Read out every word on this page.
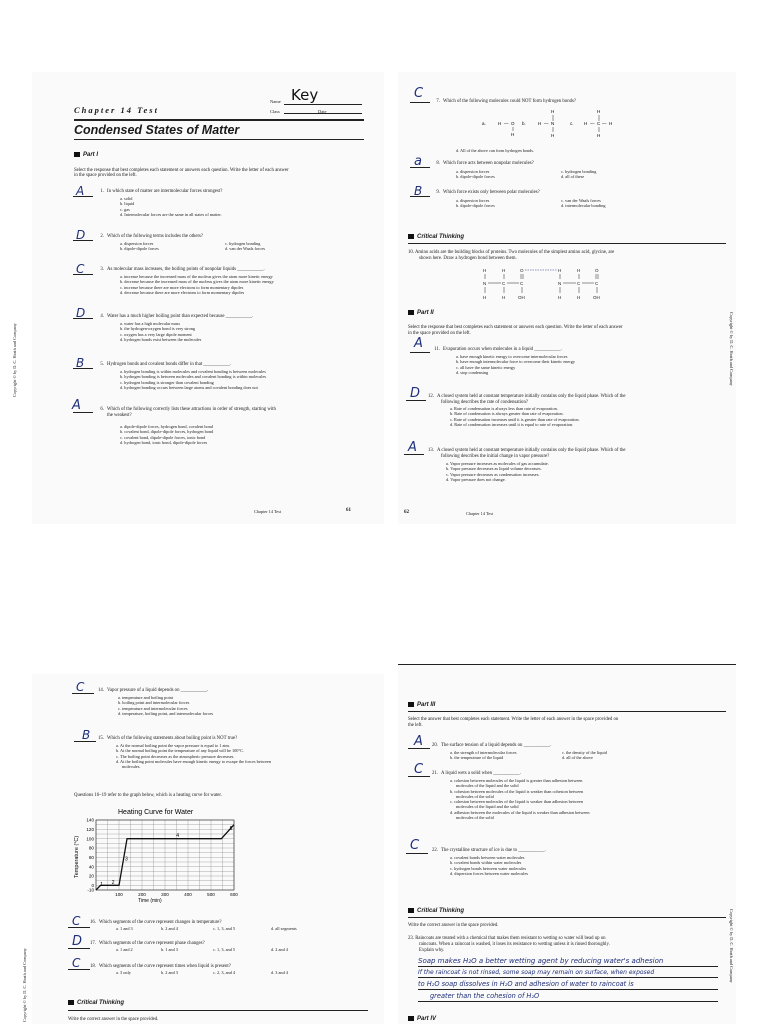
Chapter 14 Test
Name Key
Class	Date
Condensed States of Matter
Part I
Select the response that best completes each statement or answers each question. Write the letter of each answer
in the space provided on the left.
A	1. In which state of matter are intermolecular forces strongest?
a. solid
b. liquid
c. gas
d. Intermolecular forces are the same in all states of matter.
D	2. Which of the following terms includes the others?
a. dispersion forces	c. hydrogen bonding
b. dipole-dipole forces	d. van der Waals forces
C	3. As molecular mass increases, the boiling points of nonpolar liquids ___________.
a. increase because the increased mass of the nucleus gives the atom more kinetic energy
b. decrease because the increased mass of the nucleus gives the atom more kinetic energy
c. increase because there are more electrons to form momentary dipoles
d. decrease because there are more electrons to form momentary dipoles
D	4. Water has a much higher boiling point than expected because ___________.
a. water has a high molecular mass
b. the hydrogen-oxygen bond is very strong
c. oxygen has a very large dipole moment
d. hydrogen bonds exist between the molecules
B	5. Hydrogen bonds and covalent bonds differ in that ___________.
a. hydrogen bonding is within molecules and covalent bonding is between molecules
b. hydrogen bonding is between molecules and covalent bonding is within molecules
c. hydrogen bonding is stronger than covalent bonding
d. hydrogen bonding occurs between large atoms and covalent bonding does not
A	6. Which of the following correctly lists these attractions in order of strength, starting with
the weakest?
a. dipole-dipole forces, hydrogen bond, covalent bond
b. covalent bond, dipole-dipole forces, hydrogen bond
c. covalent bond, dipole-dipole forces, ionic bond
d. hydrogen bond, ionic bond, dipole-dipole forces
Copyright © by D. C. Heath and Company
Chapter 14 Test	61
C
7. Which of the following molecules could NOT form hydrogen bonds?
a.	H — O
H
b.	H — N
H
H
c. H — C — H
H
H
d. All of the above can form hydrogen bonds.
a	8. Which force acts between nonpolar molecules?
a. dispersion forces	c. hydrogen bonding
b. dipole-dipole forces	d. all of these
B	9. Which force exists only between polar molecules?
a. dispersion forces	c. van der Waals forces
b. dipole-dipole forces	d. intermolecular bonding
Critical Thinking
10. Amino acids are the building blocks of proteins. Two molecules of the simplest amino acid, glycine, are
shown here. Draw a hydrogen bond between them.
H	H	O
N	C	C
H	H	OH
H	H	O
N	C	C
H	H	OH
Part II
Select the response that best completes each statement or answers each question. Write the letter of each answer
in the space provided on the left.
A	11. Evaporation occurs when molecules in a liquid ___________.
a. have enough kinetic energy to overcome intermolecular forces
b. have enough intermolecular force to overcome their kinetic energy
c. all have the same kinetic energy
d. stop condensing
D	12. A closed system held at constant temperature initially contains only the liquid phase. Which of the
following describes the rate of condensation?
a. Rate of condensation is always less than rate of evaporation.
b. Rate of condensation is always greater than rate of evaporation.
c. Rate of condensation increases until it is greater than rate of evaporation.
d. Rate of condensation increases until it is equal to rate of evaporation.
A	13. A closed system held at constant temperature initially contains only the liquid phase. Which of the
following describes the initial change in vapor pressure?
a. Vapor pressure increases as molecules of gas accumulate.
b. Vapor pressure decreases as liquid volume decreases.
c. Vapor pressure decreases as condensation increases.
d. Vapor pressure does not change.
Copyright © by D. C. Heath and Company
62	Chapter 14 Test
C	14. Vapor pressure of a liquid depends on ___________.
a. temperature and boiling point
b. boiling point and intermolecular forces
c. temperature and intermolecular forces
d. temperature, boiling point, and intermolecular forces
B	15. Which of the following statements about boiling point is NOT true?
a. At the normal boiling point the vapor pressure is equal to 1 atm.
b. At the normal boiling point the temperature of any liquid will be 100°C.
c. The boiling point decreases as the atmospheric pressure decreases.
d. At the boiling point molecules have enough kinetic energy to escape the forces between
molecules.
Questions 16–19 refer to the graph below, which is a heating curve for water.
Heating Curve for Water
Temperature (°C)
Time (min)
-10
0
20
40
60
80
100
120
140
100	200	300	400	500	600
1 2
3
4
5
C	16. Which segments of the curve represent changes in temperature?
a. 1 and 3	b. 2 and 4	c. 1, 3, and 5	d. all segments
D	17. Which segments of the curve represent phase changes?
a. 1 and 2	b. 1 and 3	c. 1, 3, and 5	d. 2 and 4
C	18. Which segments of the curve represent times when liquid is present?
a. 3 only	b. 2 and 3	c. 2, 3, and 4	d. 3 and 4
Critical Thinking
Write the correct answer in the space provided.
Copyright © by D. C. Heath and Company
Part III
Select the answer that best completes each statement. Write the letter of each answer in the space provided on
the left.
A	20. The surface tension of a liquid depends on ___________.
a. the strength of intermolecular forces	c. the density of the liquid
b. the temperature of the liquid	d. all of the above
C	21. A liquid wets a solid when ___________.
a. cohesion between molecules of the liquid is greater than adhesion between
molecules of the liquid and the solid
b. cohesion between molecules of the liquid is weaker than cohesion between
molecules of the solid
c. cohesion between molecules of the liquid is weaker than adhesion between
molecules of the liquid and the solid
d. adhesion between the molecules of the liquid is weaker than adhesion between
molecules of the solid
C	22. The crystalline structure of ice is due to ___________.
a. covalent bonds between water molecules
b. covalent bonds within water molecules
c. hydrogen bonds between water molecules
d. dispersion forces between water molecules
Critical Thinking
Write the correct answer in the space provided.
23. Raincoats are treated with a chemical that makes them resistant to wetting so water will bead up on
raincoats. When a raincoat is washed, it loses its resistance to wetting unless it is rinsed thoroughly.
Explain why.
Soap makes H₂O a better wetting agent by reducing water's adhesion
If the raincoat is not rinsed, some soap may remain on surface, when exposed
to H₂O soap dissolves in H₂O and adhesion of water to raincoat is
greater than the cohesion of H₂O
Part IV
Copyright © by D. C. Heath and Company
